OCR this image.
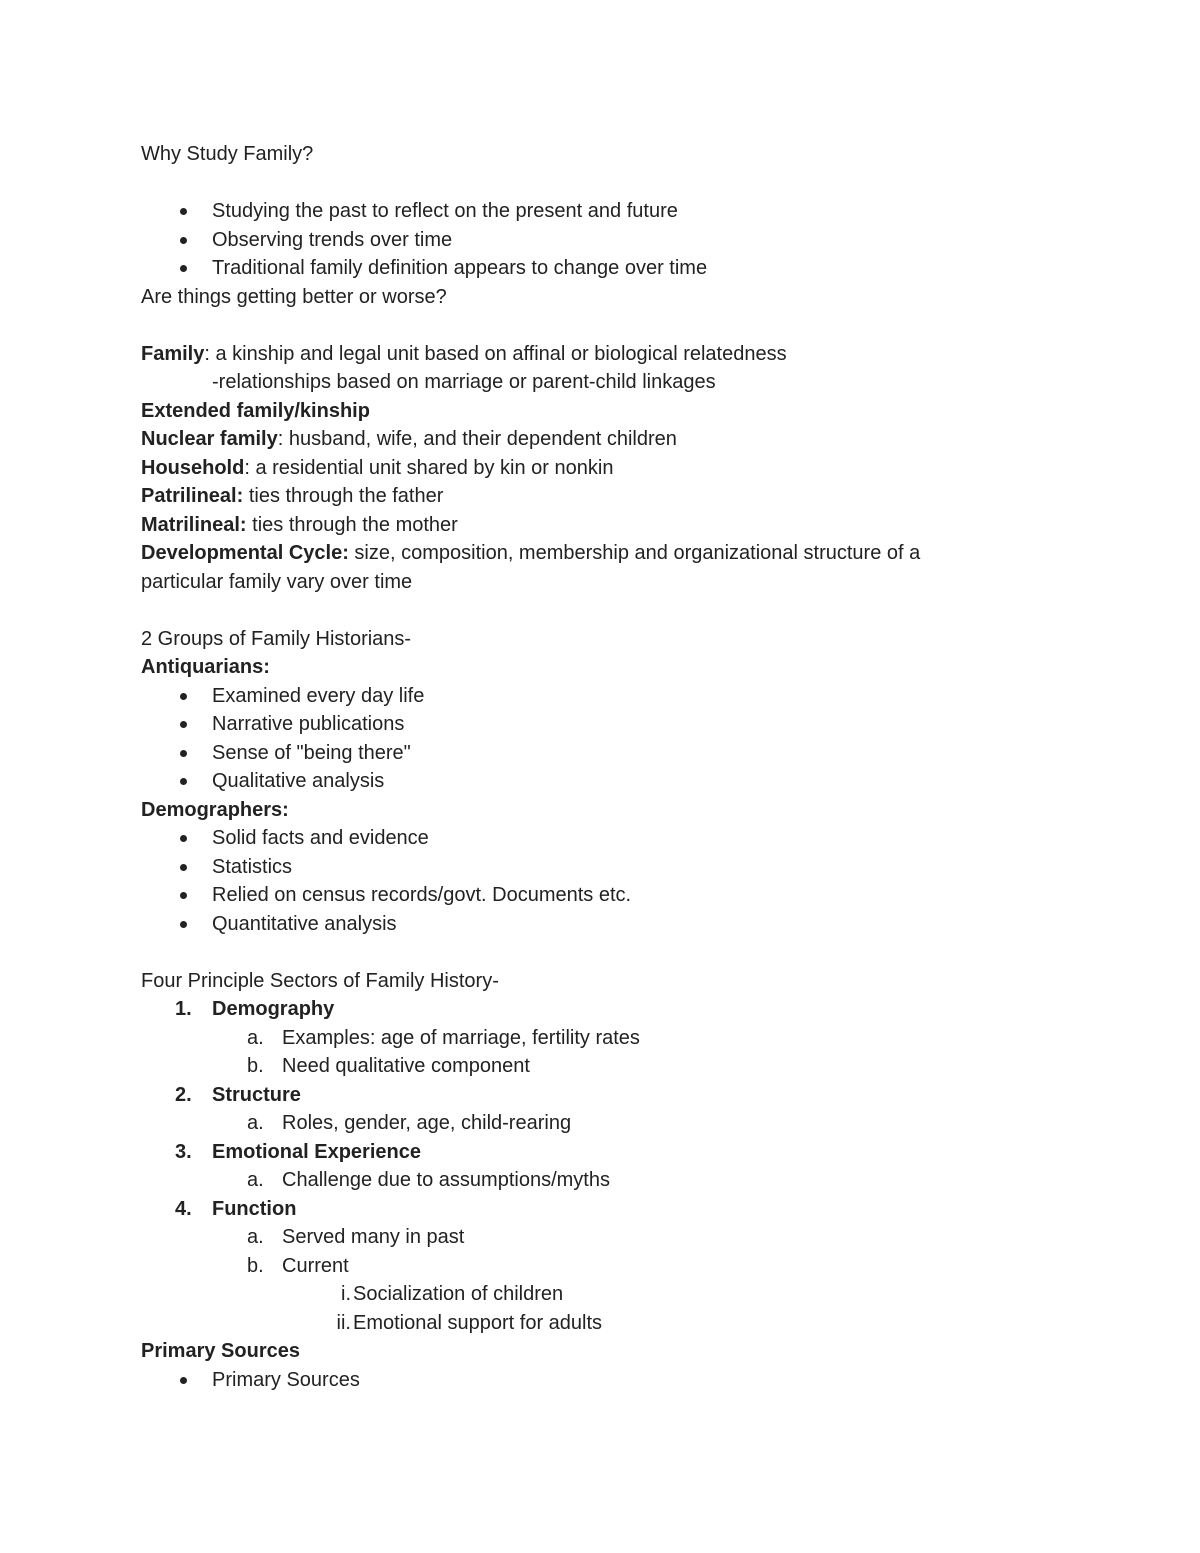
Why Study Family?
Studying the past to reflect on the present and future
Observing trends over time
Traditional family definition appears to change over time
Are things getting better or worse?
Family: a kinship and legal unit based on affinal or biological relatedness
-relationships based on marriage or parent-child linkages
Extended family/kinship
Nuclear family: husband, wife, and their dependent children
Household: a residential unit shared by kin or nonkin
Patrilineal: ties through the father
Matrilineal: ties through the mother
Developmental Cycle: size, composition, membership and organizational structure of a
particular family vary over time
2 Groups of Family Historians-
Antiquarians:
Examined every day life
Narrative publications
Sense of "being there"
Qualitative analysis
Demographers:
Solid facts and evidence
Statistics
Relied on census records/govt. Documents etc.
Quantitative analysis
Four Principle Sectors of Family History-
1. Demography
a. Examples: age of marriage, fertility rates
b. Need qualitative component
2. Structure
a. Roles, gender, age, child-rearing
3. Emotional Experience
a. Challenge due to assumptions/myths
4. Function
a. Served many in past
b. Current
i. Socialization of children
ii. Emotional support for adults
Primary Sources
Primary Sources
